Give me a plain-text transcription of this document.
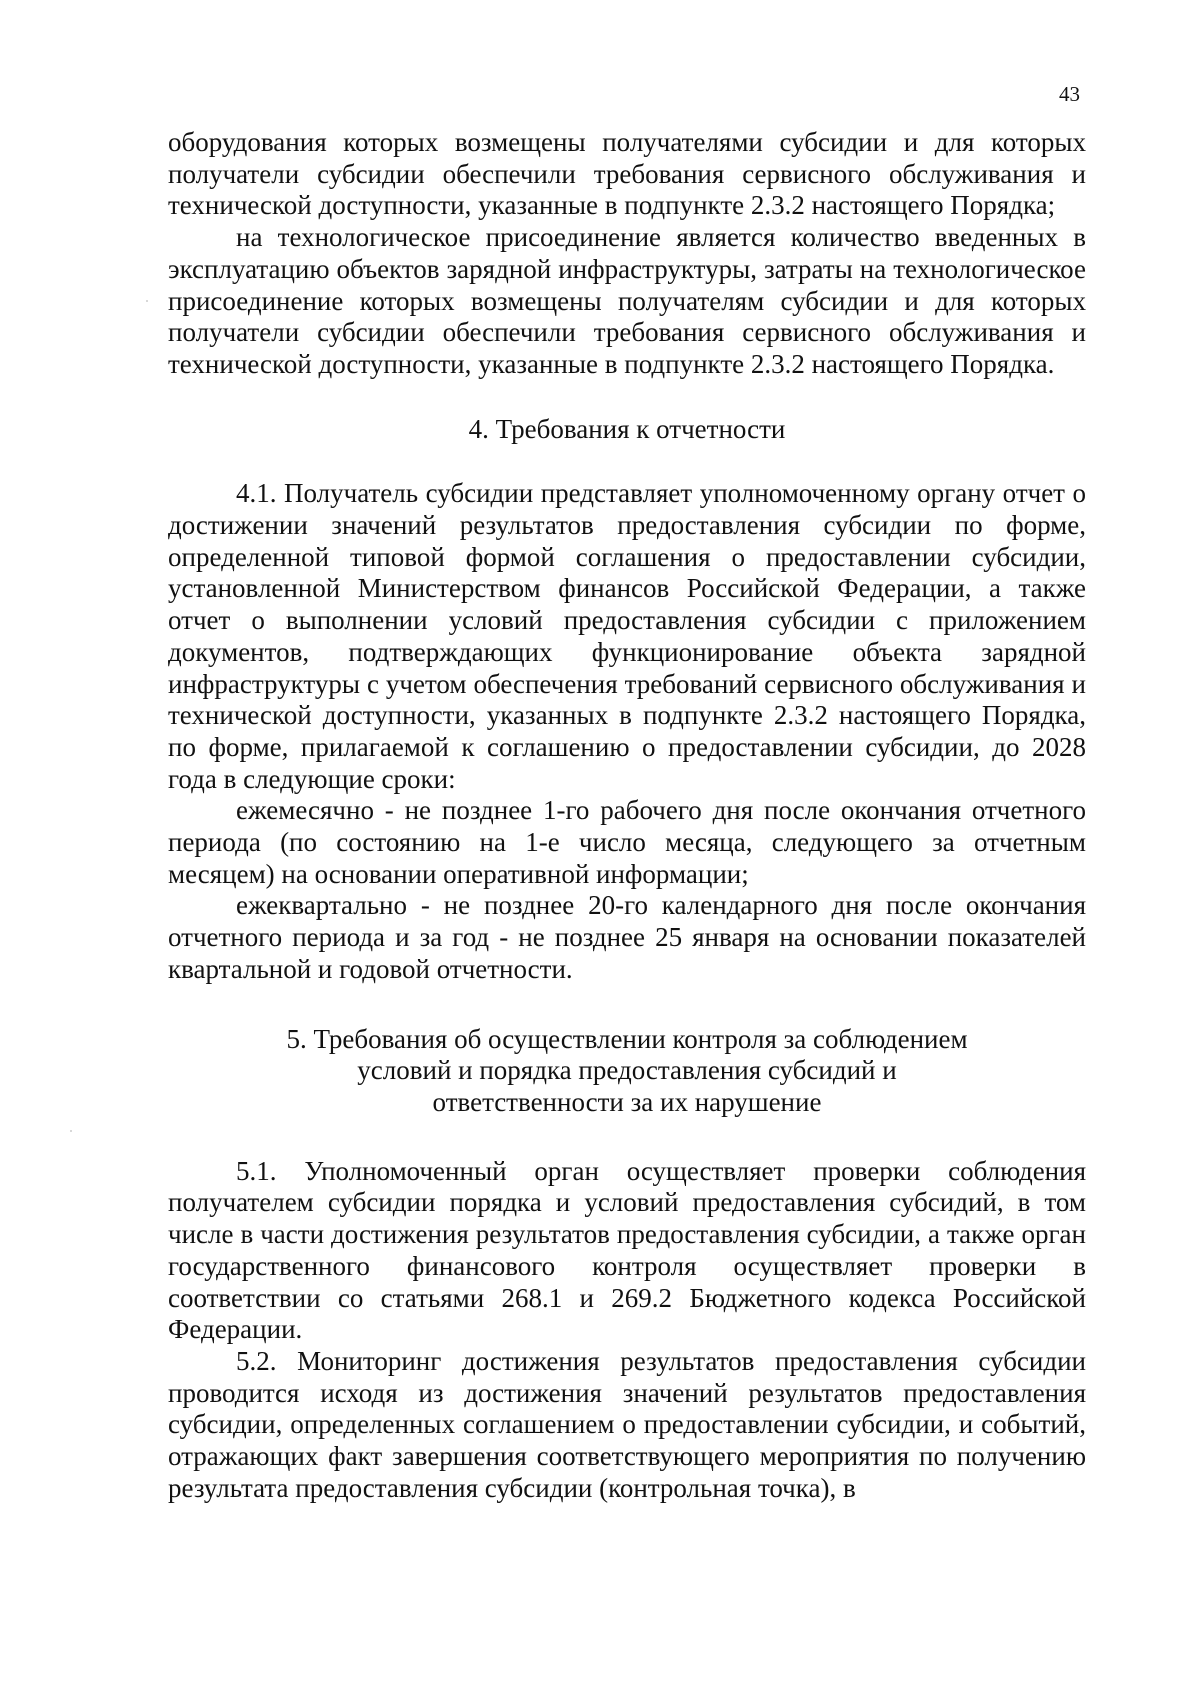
43

оборудования которых возмещены получателями субсидии и для которых получатели субсидии обеспечили требования сервисного обслуживания и технической доступности, указанные в подпункте 2.3.2 настоящего Порядка;

на технологическое присоединение является количество введенных в эксплуатацию объектов зарядной инфраструктуры, затраты на технологическое присоединение которых возмещены получателям субсидии и для которых получатели субсидии обеспечили требования сервисного обслуживания и технической доступности, указанные в подпункте 2.3.2 настоящего Порядка.

4. Требования к отчетности

4.1. Получатель субсидии представляет уполномоченному органу отчет о достижении значений результатов предоставления субсидии по форме, определенной типовой формой соглашения о предоставлении субсидии, установленной Министерством финансов Российской Федерации, а также отчет о выполнении условий предоставления субсидии с приложением документов, подтверждающих функционирование объекта зарядной инфраструктуры с учетом обеспечения требований сервисного обслуживания и технической доступности, указанных в подпункте 2.3.2 настоящего Порядка, по форме, прилагаемой к соглашению о предоставлении субсидии, до 2028 года в следующие сроки:

ежемесячно - не позднее 1-го рабочего дня после окончания отчетного периода (по состоянию на 1-е число месяца, следующего за отчетным месяцем) на основании оперативной информации;

ежеквартально - не позднее 20-го календарного дня после окончания отчетного периода и за год - не позднее 25 января на основании показателей квартальной и годовой отчетности.

5. Требования об осуществлении контроля за соблюдением
условий и порядка предоставления субсидий и
ответственности за их нарушение

5.1. Уполномоченный орган осуществляет проверки соблюдения получателем субсидии порядка и условий предоставления субсидий, в том числе в части достижения результатов предоставления субсидии, а также орган государственного финансового контроля осуществляет проверки в соответствии со статьями 268.1 и 269.2 Бюджетного кодекса Российской Федерации.

5.2. Мониторинг достижения результатов предоставления субсидии проводится исходя из достижения значений результатов предоставления субсидии, определенных соглашением о предоставлении субсидии, и событий, отражающих факт завершения соответствующего мероприятия по получению результата предоставления субсидии (контрольная точка), в
